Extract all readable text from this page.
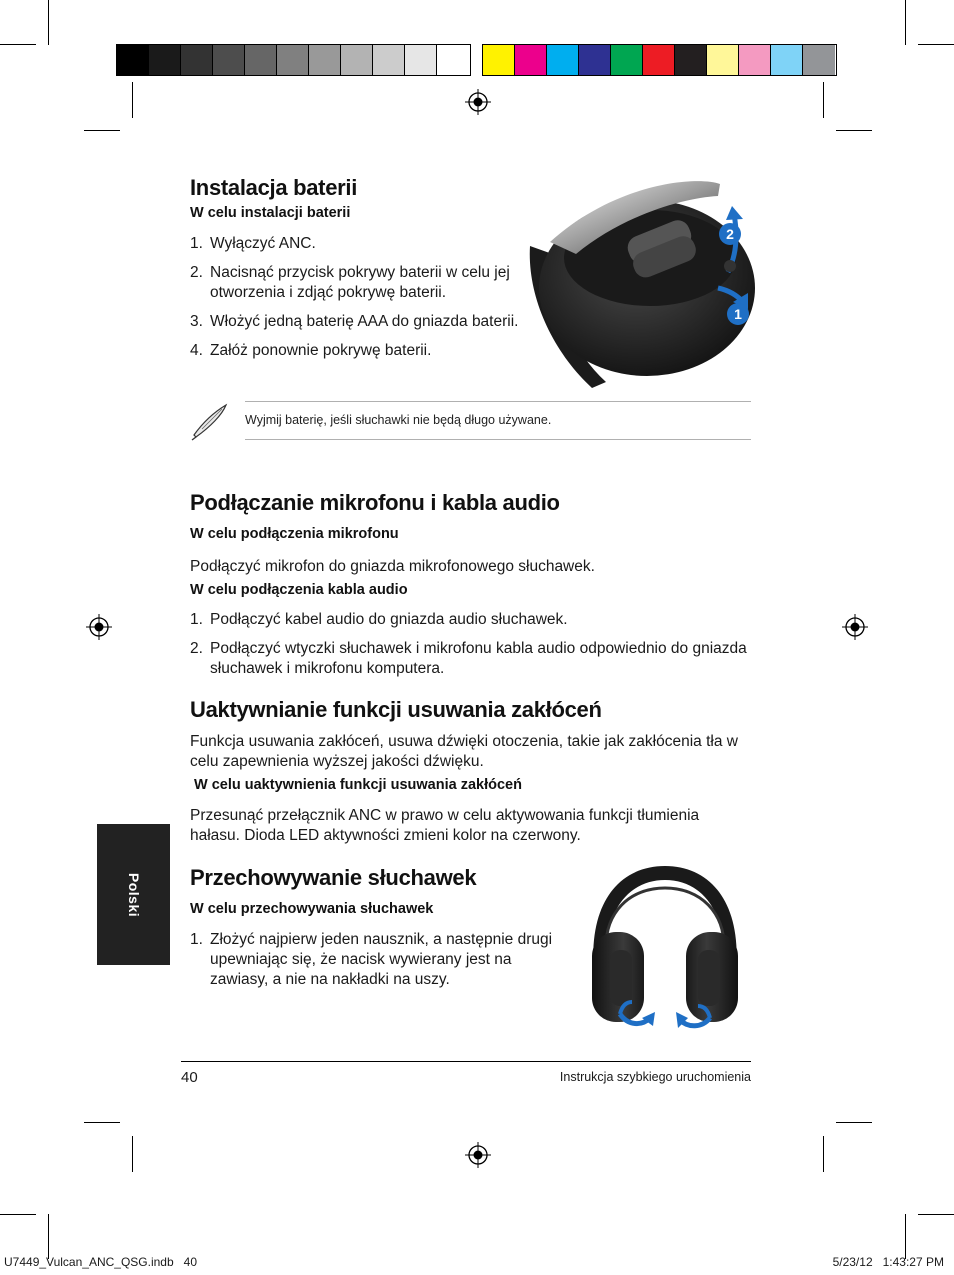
Instalacja baterii
W celu instalacji baterii
1. Wyłączyć ANC.
2. Nacisnąć przycisk pokrywy baterii w celu jej otworzenia i zdjąć pokrywę baterii.
3. Włożyć jedną baterię AAA do gniazda baterii.
4. Załóż ponownie pokrywę baterii.
2
1
Wyjmij baterię, jeśli słuchawki nie będą długo używane.
Podłączanie mikrofonu i kabla audio
W celu podłączenia mikrofonu
Podłączyć mikrofon do gniazda mikrofonowego słuchawek.
W celu podłączenia kabla audio
1. Podłączyć kabel audio do gniazda audio słuchawek.
2. Podłączyć wtyczki słuchawek i mikrofonu kabla audio odpowiednio do gniazda słuchawek i mikrofonu komputera.
Uaktywnianie funkcji usuwania zakłóceń
Funkcja usuwania zakłóceń, usuwa dźwięki otoczenia, takie jak zakłócenia tła w celu zapewnienia wyższej jakości dźwięku.
W celu uaktywnienia funkcji usuwania zakłóceń
Przesunąć przełącznik ANC w prawo w celu aktywowania funkcji tłumienia hałasu. Dioda LED aktywności zmieni kolor na czerwony.
Polski Przechowywanie słuchawek
W celu przechowywania słuchawek
1. Złożyć najpierw jeden nausznik, a następnie drugi upewniając się, że nacisk wywierany jest na zawiasy, a nie na nakładki na uszy.
40	Instrukcja szybkiego uruchomienia
U7449_Vulcan_ANC_QSG.indb   40	5/23/12   1:43:27 PM
